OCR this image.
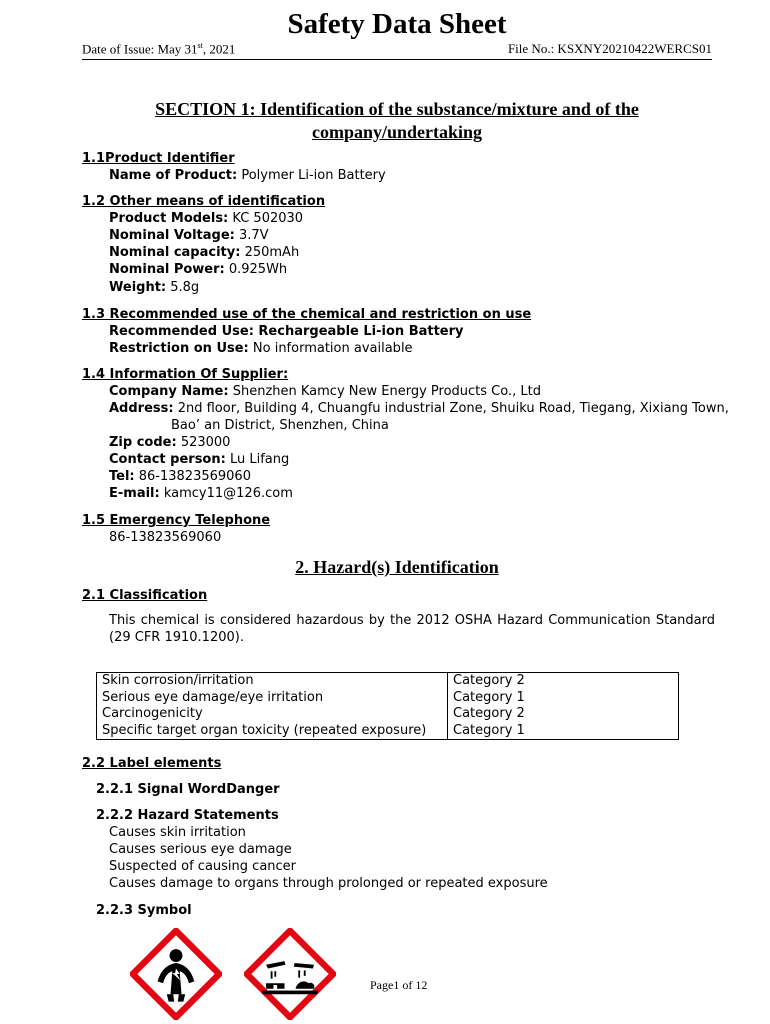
Safety Data Sheet
Date of Issue: May 31st, 2021	File No.: KSXNY20210422WERCS01
SECTION 1: Identification of the substance/mixture and of the
company/undertaking
1.1Product Identifier
Name of Product: Polymer Li-ion Battery
1.2 Other means of identification
Product Models: KC 502030
Nominal Voltage: 3.7V
Nominal capacity: 250mAh
Nominal Power: 0.925Wh
Weight: 5.8g
1.3 Recommended use of the chemical and restriction on use
Recommended Use: Rechargeable Li-ion Battery
Restriction on Use: No information available
1.4 Information Of Supplier:
Company Name: Shenzhen Kamcy New Energy Products Co., Ltd
Address: 2nd floor, Building 4, Chuangfu industrial Zone, Shuiku Road, Tiegang, Xixiang Town,
Bao’ an District, Shenzhen, China
Zip code: 523000
Contact person: Lu Lifang
Tel: 86-13823569060
E-mail: kamcy11@126.com
1.5 Emergency Telephone
86-13823569060
2. Hazard(s) Identification
2.1 Classification
This chemical is considered hazardous by the 2012 OSHA Hazard Communication Standard (29 CFR 1910.1200).
Skin corrosion/irritation	Category 2
Serious eye damage/eye irritation	Category 1
Carcinogenicity	Category 2
Specific target organ toxicity (repeated exposure)	Category 1
2.2 Label elements
2.2.1 Signal WordDanger
2.2.2 Hazard Statements
Causes skin irritation
Causes serious eye damage
Suspected of causing cancer
Causes damage to organs through prolonged or repeated exposure
2.2.3 Symbol
Page1 of 12
